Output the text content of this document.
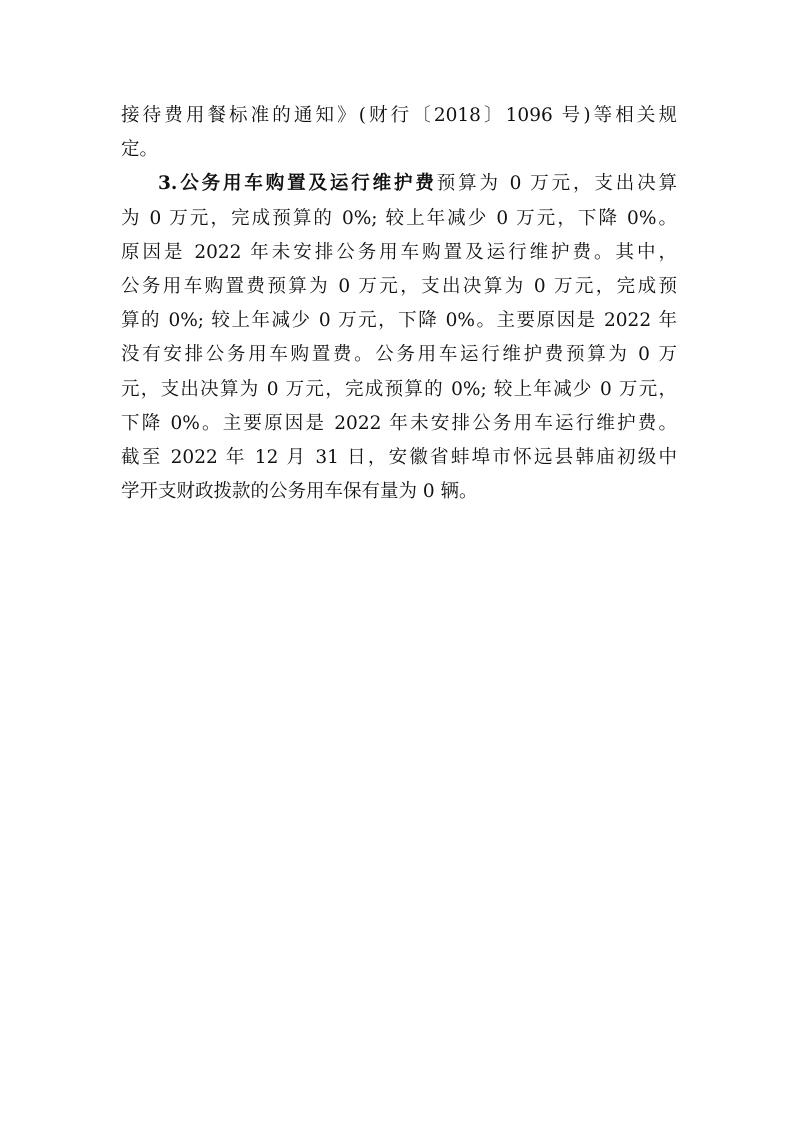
接待费用餐标准的通知》(财行〔2018〕1096 号)等相关规
定。
3.公务用车购置及运行维护费预算为 0 万元，支出决算
为 0 万元，完成预算的 0%; 较上年减少 0 万元，下降 0%。
原因是 2022 年未安排公务用车购置及运行维护费。其中，
公务用车购置费预算为 0 万元，支出决算为 0 万元，完成预
算的 0%; 较上年减少 0 万元，下降 0%。主要原因是 2022 年
没有安排公务用车购置费。公务用车运行维护费预算为 0 万
元，支出决算为 0 万元，完成预算的 0%; 较上年减少 0 万元，
下降 0%。主要原因是 2022 年未安排公务用车运行维护费。
截至 2022 年 12 月 31 日，安徽省蚌埠市怀远县韩庙初级中
学开支财政拨款的公务用车保有量为 0 辆。
